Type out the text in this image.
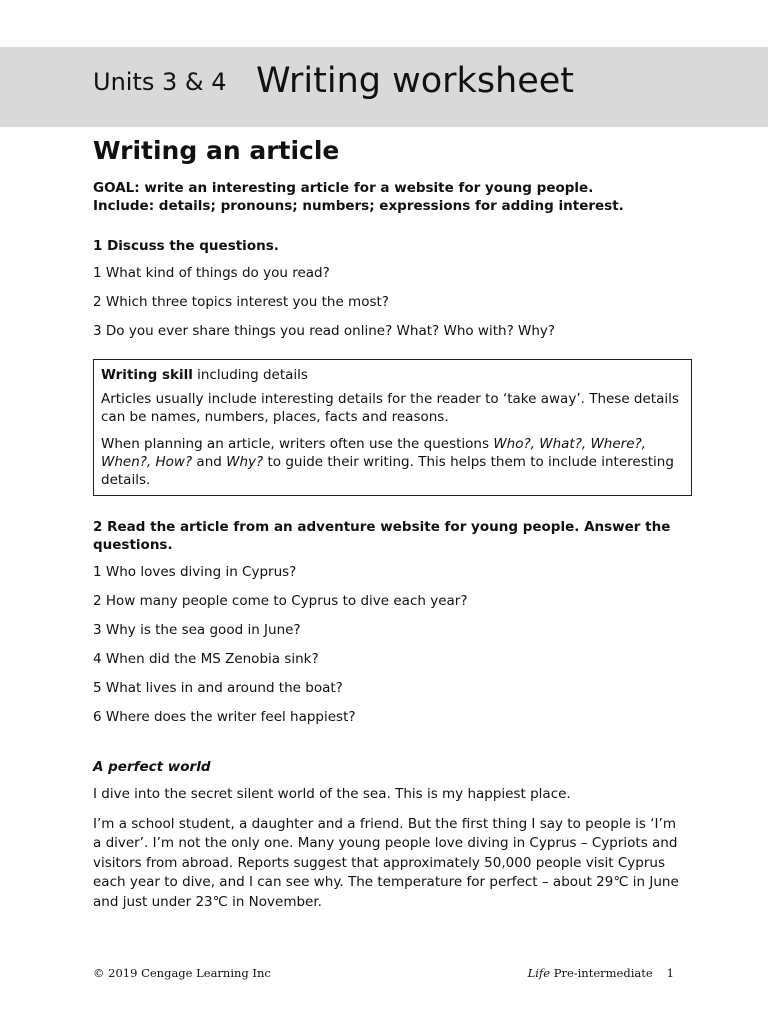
Units 3 & 4 Writing worksheet
Writing an article
GOAL: write an interesting article for a website for young people.
Include: details; pronouns; numbers; expressions for adding interest.
1 Discuss the questions.
1 What kind of things do you read?
2 Which three topics interest you the most?
3 Do you ever share things you read online? What? Who with? Why?

Writing skill including details

Articles usually include interesting details for the reader to ‘take away’. These details can be names, numbers, places, facts and reasons.

When planning an article, writers often use the questions Who?, What?, Where?, When?, How? and Why? to guide their writing. This helps them to include interesting details.

2 Read the article from an adventure website for young people. Answer the questions.
1 Who loves diving in Cyprus?
2 How many people come to Cyprus to dive each year?
3 Why is the sea good in June?
4 When did the MS Zenobia sink?
5 What lives in and around the boat?
6 Where does the writer feel happiest?
A perfect world
I dive into the secret silent world of the sea. This is my happiest place.
I’m a school student, a daughter and a friend. But the first thing I say to people is ‘I’m a diver’. I’m not the only one. Many young people love diving in Cyprus – Cypriots and visitors from abroad. Reports suggest that approximately 50,000 people visit Cyprus each year to dive, and I can see why. The temperature for perfect – about 29℃ in June and just under 23℃ in November.
© 2019 Cengage Learning Inc	Life Pre-intermediate 1
